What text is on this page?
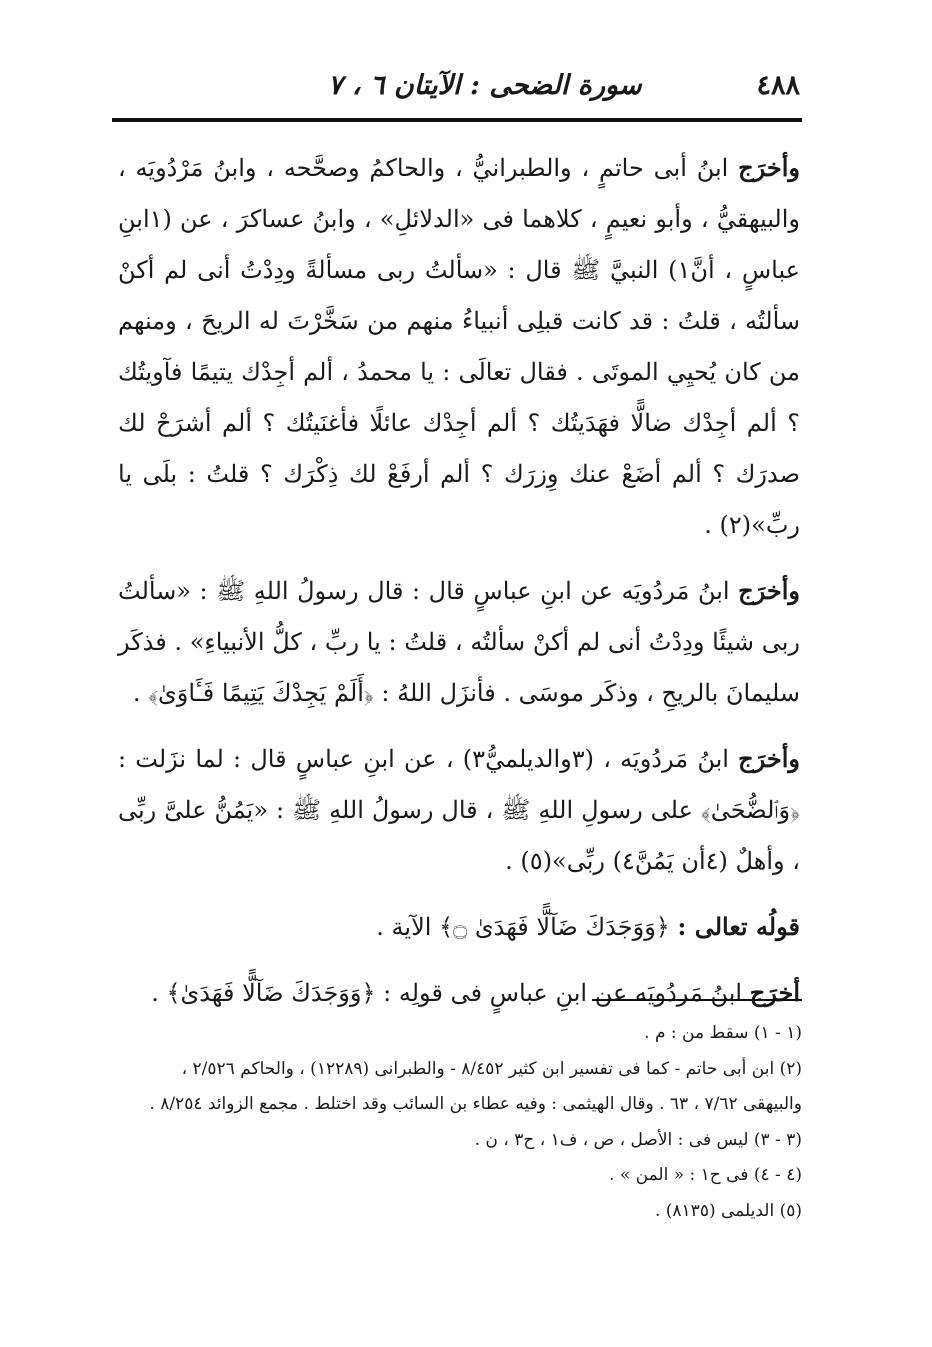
٤٨٨
سورة الضحى : الآيتان ٦ ، ٧

وأخرَج ابنُ أبى حاتمٍ ، والطبرانيُّ ، والحاكمُ وصحَّحه ، وابنُ مَرْدُويَه ، والبيهقيُّ ، وأبو نعيمٍ ، كلاهما فى «الدلائلِ» ، وابنُ عساكرَ ، عن (١ابنِ عباسٍ ، أنَّ١) النبيَّ ﷺ قال : «سألتُ ربى مسألةً ودِدْتُ أنى لم أكنْ سألتُه ، قلتُ : قد كانت قبلِى أنبياءُ منهم من سَخَّرْتَ له الريحَ ، ومنهم من كان يُحيِي الموتَى . فقال تعالَى : يا محمدُ ، ألم أجِدْك يتيمًا فآويتُك ؟ ألم أجِدْك ضالًّا فهَدَيتُك ؟ ألم أجِدْك عائلًا فأغنَيتُك ؟ ألم أشرَحْ لك صدرَك ؟ ألم أضَعْ عنك وِزرَك ؟ ألم أرفَعْ لك ذِكْرَك ؟ قلتُ : بلَى يا ربِّ»(٢) .

وأخرَج ابنُ مَردُويَه عن ابنِ عباسٍ قال : قال رسولُ اللهِ ﷺ : «سألتُ ربى شيئًا ودِدْتُ أنى لم أكنْ سألتُه ، قلتُ : يا ربِّ ، كلُّ الأنبياءِ» . فذكَر سليمانَ بالريحِ ، وذكَر موسَى . فأنزَل اللهُ : ﴿أَلَمْ يَجِدْكَ يَتِيمًا فَـَٔاوَىٰ﴾ .

وأخرَج ابنُ مَردُويَه ، (٣والديلميُّ٣) ، عن ابنِ عباسٍ قال : لما نزَلت : ﴿وَٱلضُّحَىٰ﴾ على رسولِ اللهِ ﷺ ، قال رسولُ اللهِ ﷺ : «يَمُنُّ علىَّ ربِّى ، وأهلٌ (٤أن يَمُنَّ٤) ربِّى»(٥) .

قولُه تعالى : ﴿وَوَجَدَكَ ضَآلًّا فَهَدَىٰ ۝﴾ الآية .

أخرَج ابنُ مَردُويَه عن ابنِ عباسٍ فى قولِه : ﴿وَوَجَدَكَ ضَآلًّا فَهَدَىٰ﴾ .

(١ - ١) سقط من : م .

(٢) ابن أبى حاتم - كما فى تفسير ابن كثير ٨/٤٥٢ - والطبرانى (١٢٢٨٩) ، والحاكم ٢/٥٢٦ ،

والبيهقى ٧/٦٢ ، ٦٣ . وقال الهيثمى : وفيه عطاء بن السائب وقد اختلط . مجمع الزوائد ٨/٢٥٤ .

(٣ - ٣) ليس فى : الأصل ، ص ، ف١ ، ح٣ ، ن .

(٤ - ٤) فى ح١ : « المن » .

(٥) الديلمى (٨١٣٥) .
